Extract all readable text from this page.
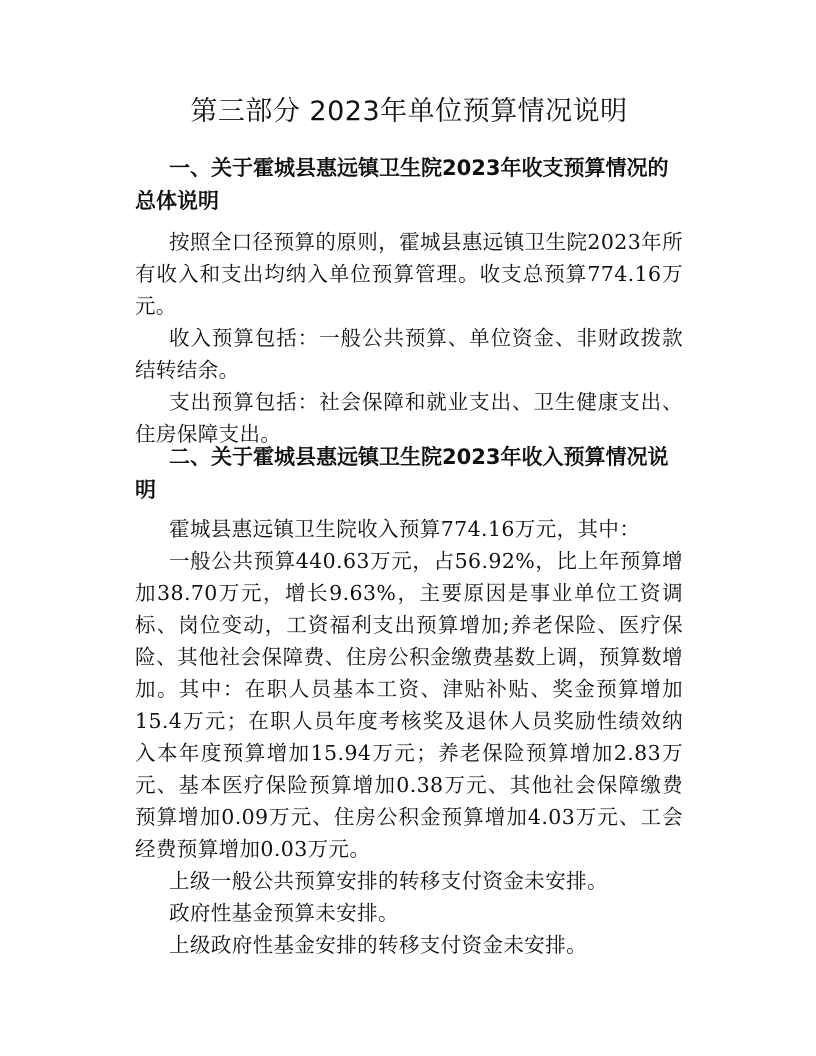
第三部分 2023年单位预算情况说明
一、关于霍城县惠远镇卫生院2023年收支预算情况的总体说明

按照全口径预算的原则，霍城县惠远镇卫生院2023年所有收入和支出均纳入单位预算管理。收支总预算774.16万元。

收入预算包括：一般公共预算、单位资金、非财政拨款结转结余。

支出预算包括：社会保障和就业支出、卫生健康支出、住房保障支出。

二、关于霍城县惠远镇卫生院2023年收入预算情况说明

霍城县惠远镇卫生院收入预算774.16万元，其中：

一般公共预算440.63万元，占56.92%，比上年预算增加38.70万元，增长9.63%，主要原因是事业单位工资调标、岗位变动，工资福利支出预算增加;养老保险、医疗保险、其他社会保障费、住房公积金缴费基数上调，预算数增加。其中：在职人员基本工资、津贴补贴、奖金预算增加15.4万元；在职人员年度考核奖及退休人员奖励性绩效纳入本年度预算增加15.94万元；养老保险预算增加2.83万元、基本医疗保险预算增加0.38万元、其他社会保障缴费预算增加0.09万元、住房公积金预算增加4.03万元、工会经费预算增加0.03万元。

上级一般公共预算安排的转移支付资金未安排。

政府性基金预算未安排。

上级政府性基金安排的转移支付资金未安排。
